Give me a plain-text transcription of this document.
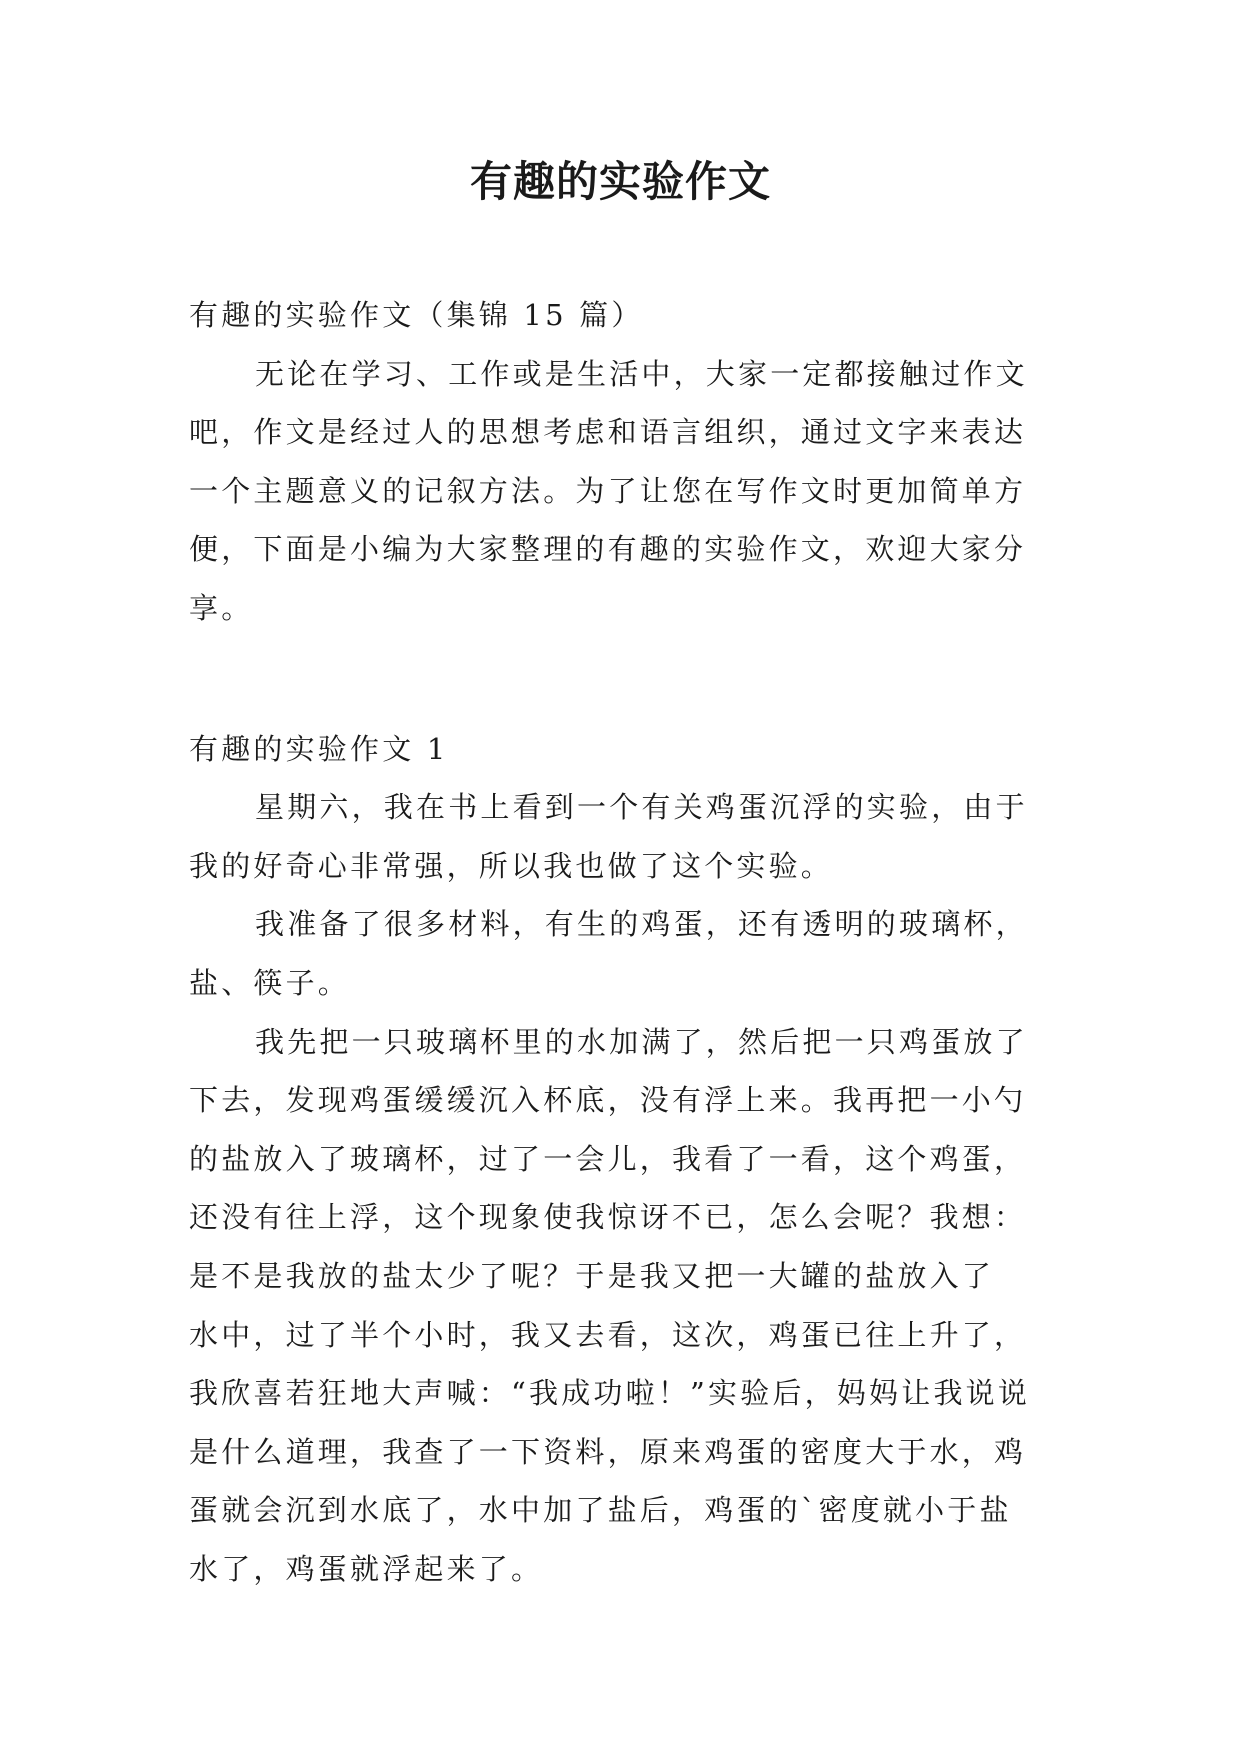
有趣的实验作文

有趣的实验作文（集锦 15 篇）

无论在学习、工作或是生活中，大家一定都接触过作文

吧，作文是经过人的思想考虑和语言组织，通过文字来表达

一个主题意义的记叙方法。为了让您在写作文时更加简单方

便，下面是小编为大家整理的有趣的实验作文，欢迎大家分

享。

有趣的实验作文 1

星期六，我在书上看到一个有关鸡蛋沉浮的实验，由于

我的好奇心非常强，所以我也做了这个实验。

我准备了很多材料，有生的鸡蛋，还有透明的玻璃杯，

盐、筷子。

我先把一只玻璃杯里的水加满了，然后把一只鸡蛋放了

下去，发现鸡蛋缓缓沉入杯底，没有浮上来。我再把一小勺

的盐放入了玻璃杯，过了一会儿，我看了一看，这个鸡蛋，

还没有往上浮，这个现象使我惊讶不已，怎么会呢？我想：

是不是我放的盐太少了呢？于是我又把一大罐的盐放入了

水中，过了半个小时，我又去看，这次，鸡蛋已往上升了，

我欣喜若狂地大声喊：“我成功啦！”实验后，妈妈让我说说

是什么道理，我查了一下资料，原来鸡蛋的密度大于水，鸡

蛋就会沉到水底了，水中加了盐后，鸡蛋的`密度就小于盐

水了，鸡蛋就浮起来了。
